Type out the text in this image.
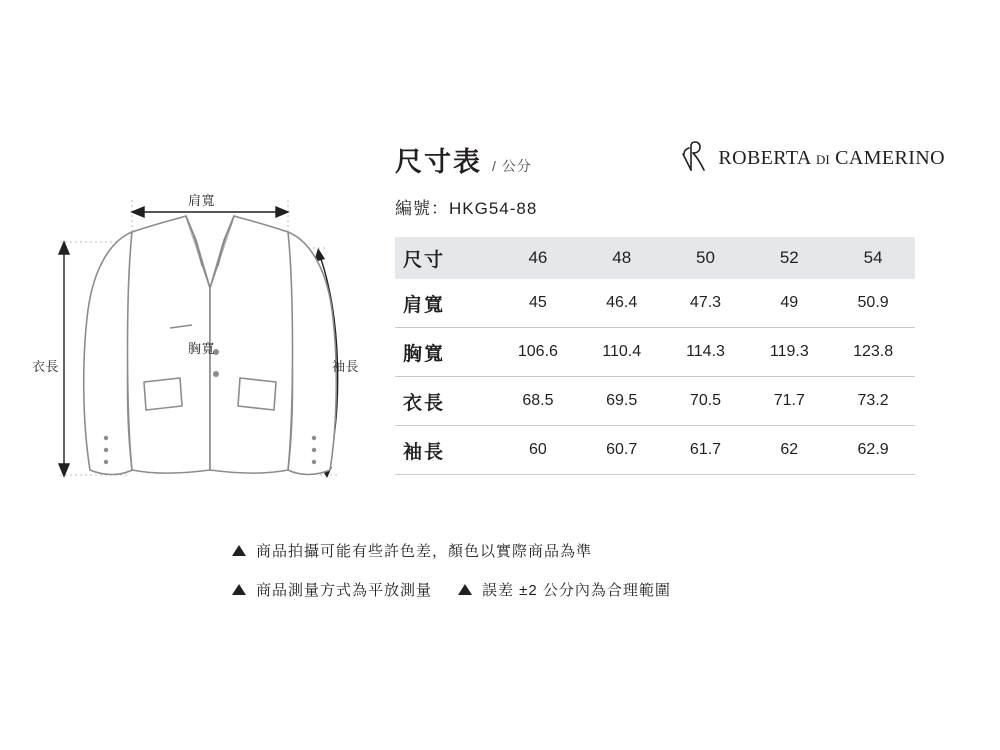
肩寬
胸寬
衣長	袖長
尺寸表 / 公分	ROBERTA DI CAMERINO
編號：HKG54-88
尺寸	46	48	50	52	54
肩寬	45	46.4	47.3	49	50.9
胸寬	106.6	110.4	114.3	119.3	123.8
衣長	68.5	69.5	70.5	71.7	73.2
袖長	60	60.7	61.7	62	62.9
商品拍攝可能有些許色差，顏色以實際商品為準
商品測量方式為平放測量	誤差 ±2 公分內為合理範圍
